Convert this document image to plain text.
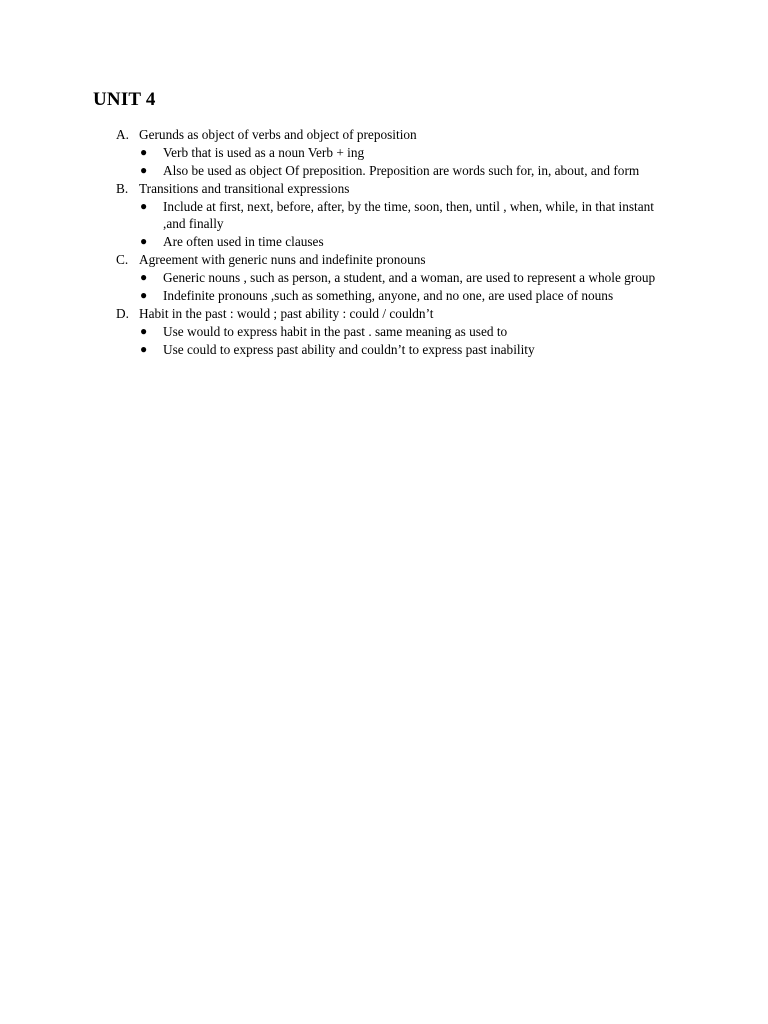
UNIT 4
A. Gerunds as object of verbs and object of preposition
● Verb that is used as a noun Verb + ing
● Also be used as object Of preposition. Preposition are words such for, in, about, and form
B. Transitions and transitional expressions
● Include at first, next, before, after, by the time, soon, then, until , when, while, in that instant ,and finally
● Are often used in time clauses
C. Agreement with generic nuns and indefinite pronouns
● Generic nouns , such as person, a student, and a woman, are used to represent a whole group
● Indefinite pronouns ,such as something, anyone, and no one, are used place of nouns
D. Habit in the past : would ; past ability : could / couldn’t
● Use would to express habit in the past . same meaning as used to
● Use could to express past ability and couldn’t to express past inability
